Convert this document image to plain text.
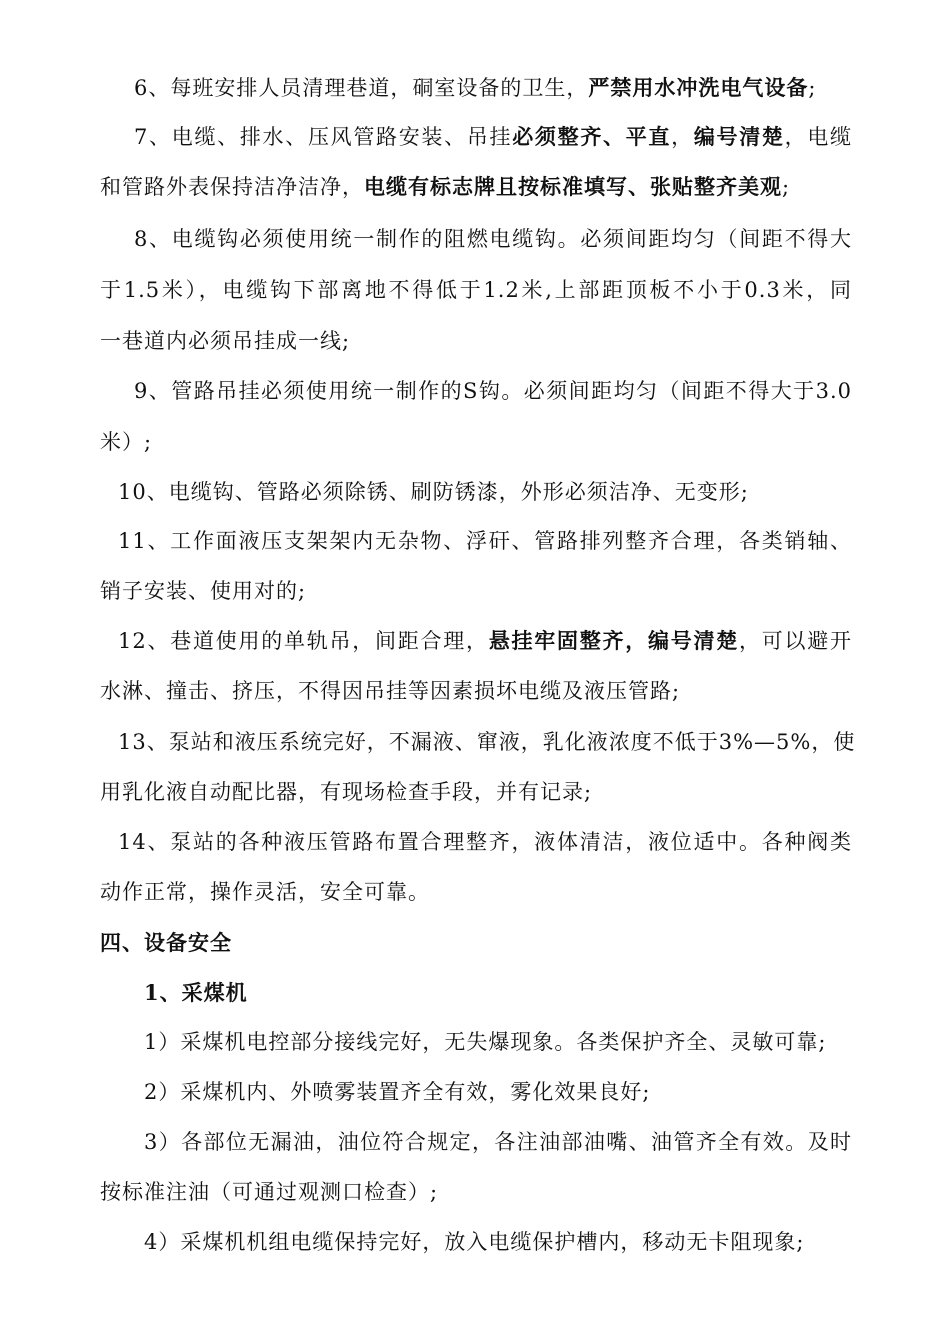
6、每班安排人员清理巷道，硐室设备的卫生，严禁用水冲洗电气设备;
7、电缆、排水、压风管路安装、吊挂必须整齐、平直，编号清楚，电缆
和管路外表保持洁净洁净，电缆有标志牌且按标准填写、张贴整齐美观;
8、电缆钩必须使用统一制作的阻燃电缆钩。必须间距均匀（间距不得大
于1.5米），电缆钩下部离地不得低于1.2米,上部距顶板不小于0.3米，同
一巷道内必须吊挂成一线;
9、管路吊挂必须使用统一制作的S钩。必须间距均匀（间距不得大于3.0
米）;
10、电缆钩、管路必须除锈、刷防锈漆，外形必须洁净、无变形;
11、工作面液压支架架内无杂物、浮矸、管路排列整齐合理，各类销轴、
销子安装、使用对的;
12、巷道使用的单轨吊，间距合理，悬挂牢固整齐，编号清楚，可以避开
水淋、撞击、挤压，不得因吊挂等因素损坏电缆及液压管路;
13、泵站和液压系统完好，不漏液、窜液，乳化液浓度不低于3%—5%，使
用乳化液自动配比器，有现场检查手段，并有记录;
14、泵站的各种液压管路布置合理整齐，液体清洁，液位适中。各种阀类
动作正常，操作灵活，安全可靠。
四、设备安全
1、采煤机
1）采煤机电控部分接线完好，无失爆现象。各类保护齐全、灵敏可靠;
2）采煤机内、外喷雾装置齐全有效，雾化效果良好;
3）各部位无漏油，油位符合规定，各注油部油嘴、油管齐全有效。及时
按标准注油（可通过观测口检查）;
4）采煤机机组电缆保持完好，放入电缆保护槽内，移动无卡阻现象;
